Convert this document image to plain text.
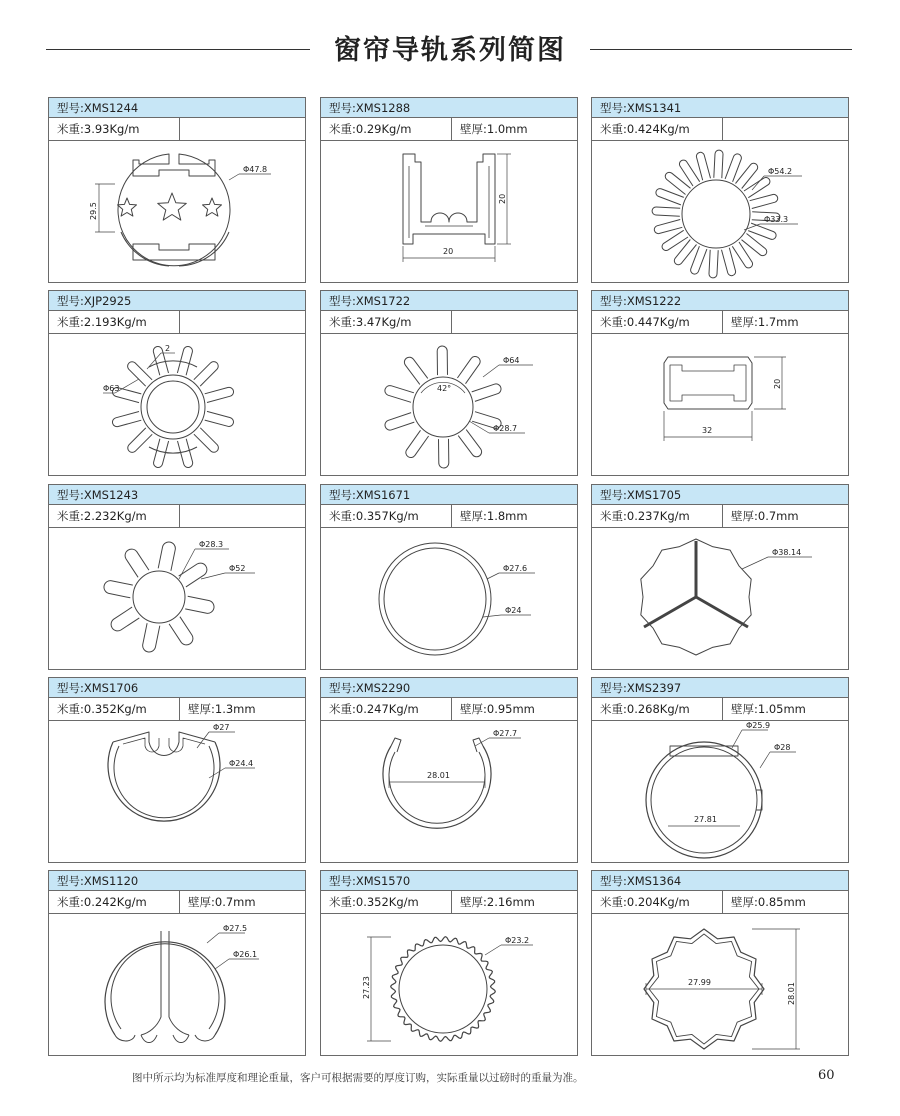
窗帘导轨系列简图
型号:XMS1244
米重:3.93Kg/m
Φ47.8
29.5
型号:XMS1288
米重:0.29Kg/m	壁厚:1.0mm
20
20
型号:XMS1341
米重:0.424Kg/m
Φ54.2
Φ33.3
型号:XJP2925
米重:2.193Kg/m
2
Φ63
型号:XMS1722
米重:3.47Kg/m
42°
Φ64
Φ28.7
型号:XMS1222
米重:0.447Kg/m	壁厚:1.7mm
20
32
型号:XMS1243
米重:2.232Kg/m
Φ28.3
Φ52
型号:XMS1671
米重:0.357Kg/m	壁厚:1.8mm
Φ27.6
Φ24
型号:XMS1705
米重:0.237Kg/m	壁厚:0.7mm
Φ38.14
型号:XMS1706
米重:0.352Kg/m	壁厚:1.3mm
Φ27
Φ24.4
型号:XMS2290
米重:0.247Kg/m	壁厚:0.95mm
28.01
Φ27.7
型号:XMS2397
米重:0.268Kg/m	壁厚:1.05mm
27.81
Φ25.9
Φ28
型号:XMS1120
米重:0.242Kg/m	壁厚:0.7mm
Φ27.5
Φ26.1
型号:XMS1570
米重:0.352Kg/m	壁厚:2.16mm
Φ23.2
27.23
型号:XMS1364
米重:0.204Kg/m	壁厚:0.85mm
27.99	28.01
图中所示均为标准厚度和理论重量，客户可根据需要的厚度订购，实际重量以过磅时的重量为准。	60
